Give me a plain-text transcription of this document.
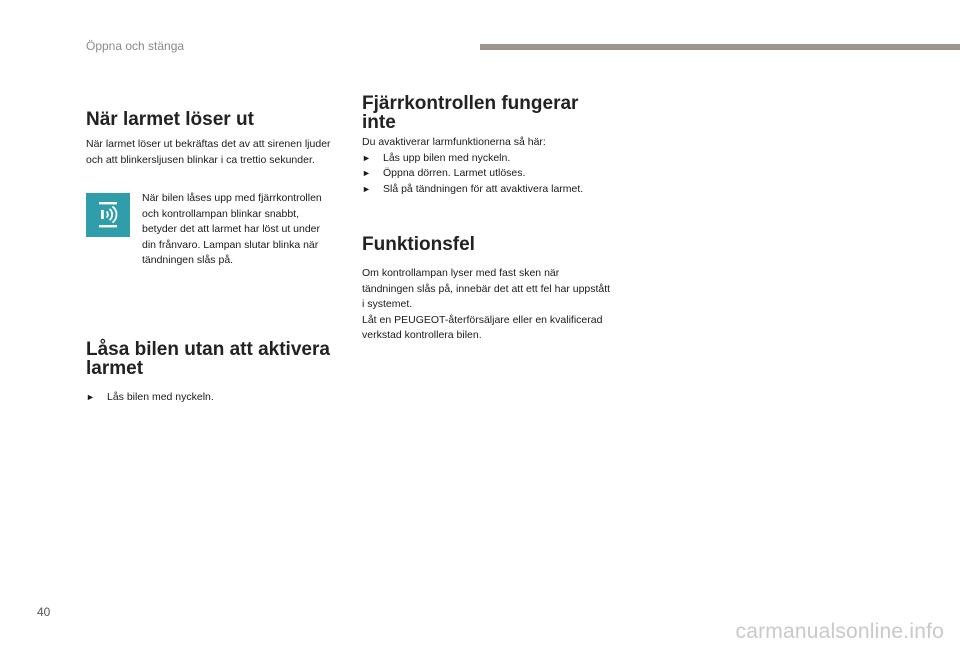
Öppna och stänga
När larmet löser ut

När larmet löser ut bekräftas det av att sirenen ljuder och att blinkersljusen blinkar i ca trettio sekunder.

När bilen låses upp med fjärrkontrollen och kontrollampan blinkar snabbt, betyder det att larmet har löst ut under din frånvaro. Lampan slutar blinka när tändningen slås på.

Låsa bilen utan att aktivera
larmet
►	Lås bilen med nyckeln.
Fjärrkontrollen fungerar
inte

Du avaktiverar larmfunktionerna så här:

►	Lås upp bilen med nyckeln.
►	Öppna dörren. Larmet utlöses.
►	Slå på tändningen för att avaktivera larmet.
Funktionsfel

Om kontrollampan lyser med fast sken när tändningen slås på, innebär det att ett fel har uppstått i systemet.

Låt en PEUGEOT-återförsäljare eller en kvalificerad verkstad kontrollera bilen.

40
carmanualsonline.info
